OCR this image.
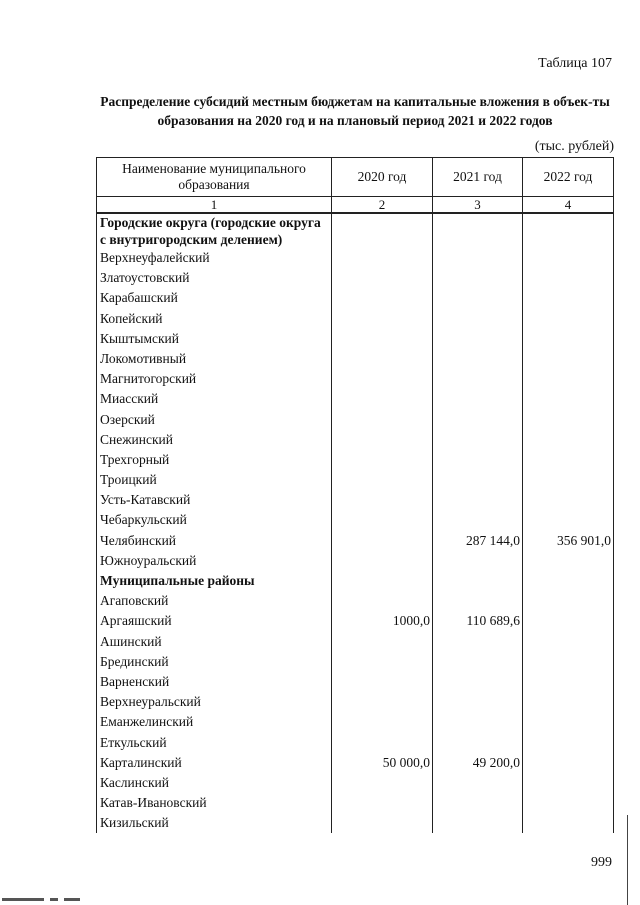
Таблица 107
Распределение субсидий местным бюджетам на капитальные вложения в объек-ты образования на 2020 год и на плановый период 2021 и 2022 годов
(тыс. рублей)
Наименование муниципального образования	2020 год	2021 год	2022 год
1	2	3	4
Городские округа (городские округа с внутригородским делением)			
Верхнеуфалейский			
Златоустовский			
Карабашский			
Копейский			
Кыштымский			
Локомотивный			
Магнитогорский			
Миасский			
Озерский			
Снежинский			
Трехгорный			
Троицкий			
Усть-Катавский			
Чебаркульский			
Челябинский		287 144,0	356 901,0
Южноуральский			
Муниципальные районы			
Агаповский			
Аргаяшский	1000,0	110 689,6	
Ашинский			
Брединский			
Варненский			
Верхнеуральский			
Еманжелинский			
Еткульский			
Карталинский	50 000,0	49 200,0	
Каслинский			
Катав-Ивановский			
Кизильский			
999
